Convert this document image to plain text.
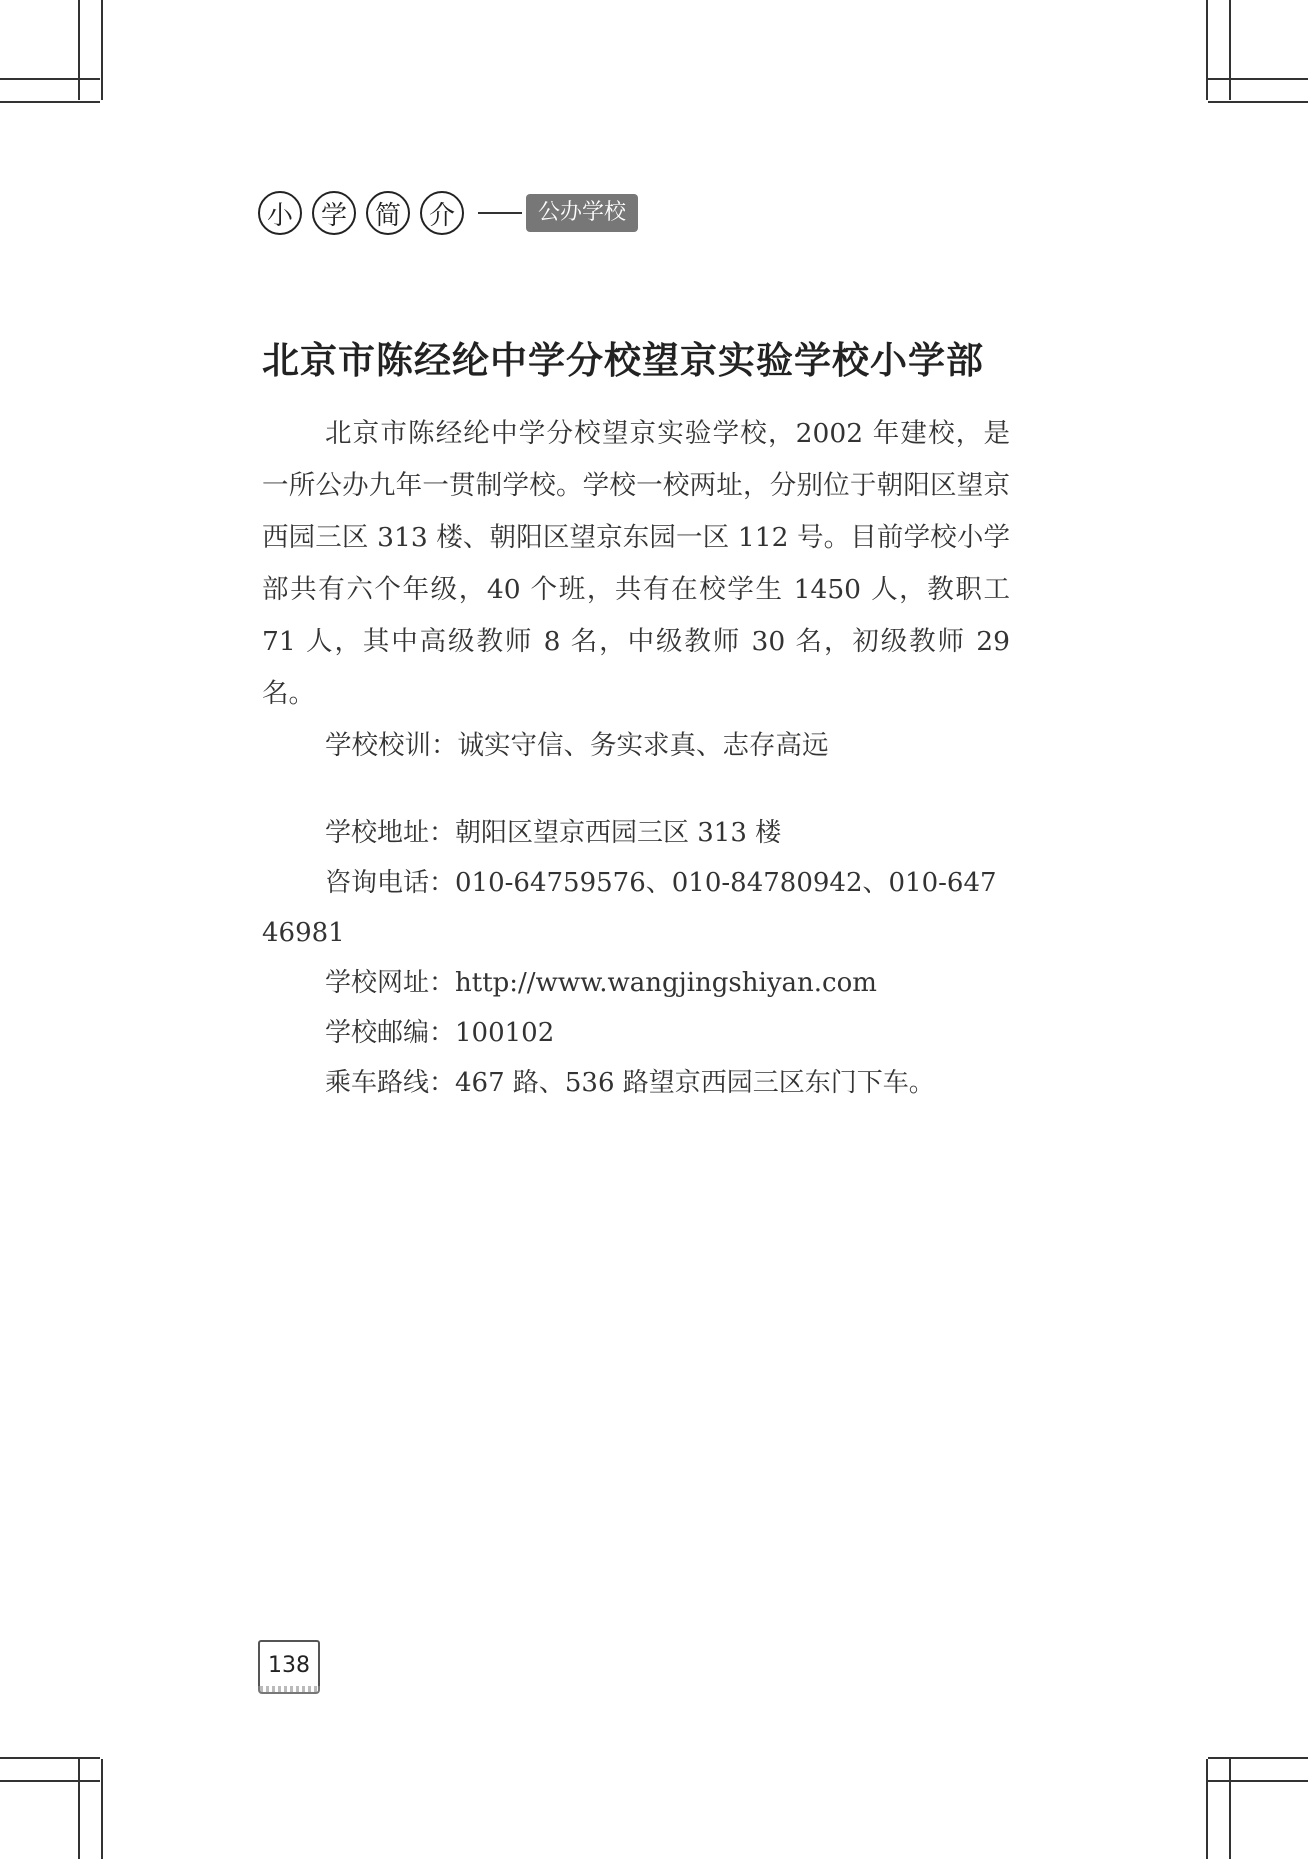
小	学	简	介	公办学校
北京市陈经纶中学分校望京实验学校小学部

北京市陈经纶中学分校望京实验学校，2002 年建校，是一所公办九年一贯制学校。学校一校两址，分别位于朝阳区望京西园三区 313 楼、朝阳区望京东园一区 112 号。目前学校小学部共有六个年级，40 个班，共有在校学生 1450 人，教职工 71 人，其中高级教师 8 名，中级教师 30 名，初级教师 29 名。

学校校训：诚实守信、务实求真、志存高远

学校地址：朝阳区望京西园三区 313 楼

咨询电话：010-64759576、010-84780942、010-64746981

学校网址：http://www.wangjingshiyan.com

学校邮编：100102

乘车路线：467 路、536 路望京西园三区东门下车。

138
